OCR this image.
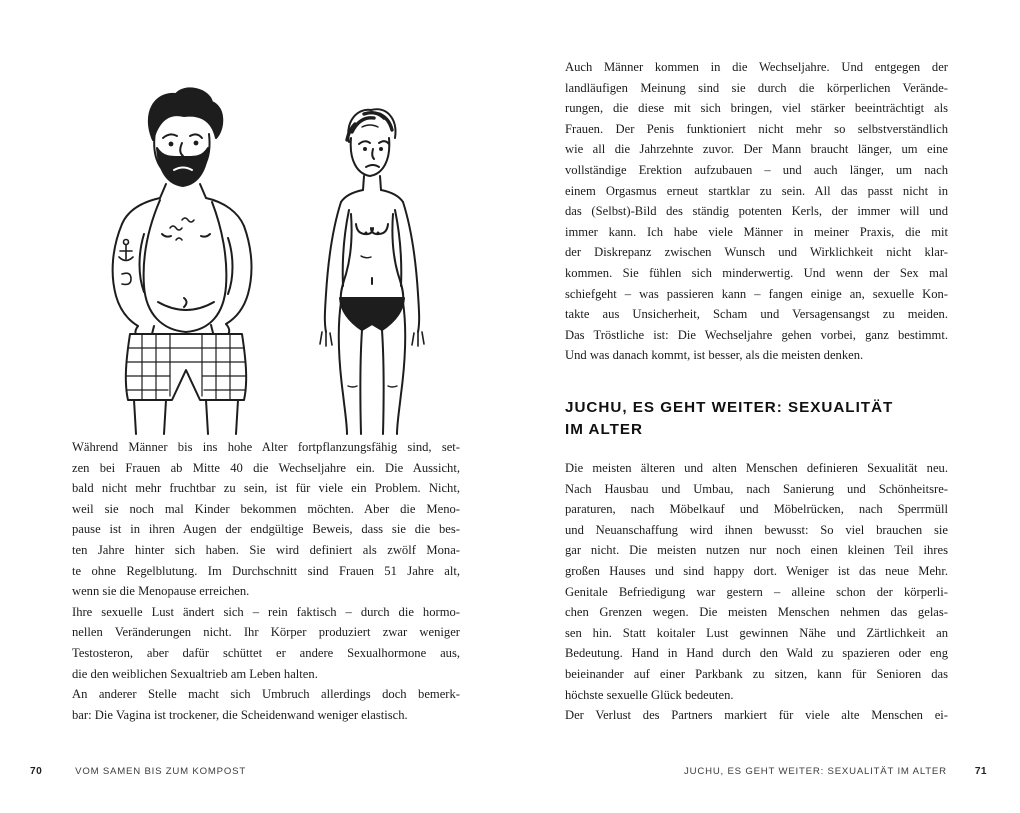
Während Männer bis ins hohe Alter fortpflanzungsfähig sind, set-
zen bei Frauen ab Mitte 40 die Wechseljahre ein. Die Aussicht,
bald nicht mehr fruchtbar zu sein, ist für viele ein Problem. Nicht,
weil sie noch mal Kinder bekommen möchten. Aber die Meno-
pause ist in ihren Augen der endgültige Beweis, dass sie die bes-
ten Jahre hinter sich haben. Sie wird definiert als zwölf Mona-
te ohne Regelblutung. Im Durchschnitt sind Frauen 51 Jahre alt,
wenn sie die Menopause erreichen.
Ihre sexuelle Lust ändert sich – rein faktisch – durch die hormo-
nellen Veränderungen nicht. Ihr Körper produziert zwar weniger
Testosteron, aber dafür schüttet er andere Sexualhormone aus,
die den weiblichen Sexualtrieb am Leben halten.
An anderer Stelle macht sich Umbruch allerdings doch bemerk-
bar: Die Vagina ist trockener, die Scheidenwand weniger elastisch.
70	VOM SAMEN BIS ZUM KOMPOST
Auch Männer kommen in die Wechseljahre. Und entgegen der
landläufigen Meinung sind sie durch die körperlichen Verände-
rungen, die diese mit sich bringen, viel stärker beeinträchtigt als
Frauen. Der Penis funktioniert nicht mehr so selbstverständlich
wie all die Jahrzehnte zuvor. Der Mann braucht länger, um eine
vollständige Erektion aufzubauen – und auch länger, um nach
einem Orgasmus erneut startklar zu sein. All das passt nicht in
das (Selbst)-Bild des ständig potenten Kerls, der immer will und
immer kann. Ich habe viele Männer in meiner Praxis, die mit
der Diskrepanz zwischen Wunsch und Wirklichkeit nicht klar-
kommen. Sie fühlen sich minderwertig. Und wenn der Sex mal
schiefgeht – was passieren kann – fangen einige an, sexuelle Kon-
takte aus Unsicherheit, Scham und Versagensangst zu meiden.
Das Tröstliche ist: Die Wechseljahre gehen vorbei, ganz bestimmt.
Und was danach kommt, ist besser, als die meisten denken.
JUCHU, ES GEHT WEITER: SEXUALITÄT
IM ALTER
Die meisten älteren und alten Menschen definieren Sexualität neu.
Nach Hausbau und Umbau, nach Sanierung und Schönheitsre-
paraturen, nach Möbelkauf und Möbelrücken, nach Sperrmüll
und Neuanschaffung wird ihnen bewusst: So viel brauchen sie
gar nicht. Die meisten nutzen nur noch einen kleinen Teil ihres
großen Hauses und sind happy dort. Weniger ist das neue Mehr.
Genitale Befriedigung war gestern – alleine schon der körperli-
chen Grenzen wegen. Die meisten Menschen nehmen das gelas-
sen hin. Statt koitaler Lust gewinnen Nähe und Zärtlichkeit an
Bedeutung. Hand in Hand durch den Wald zu spazieren oder eng
beieinander auf einer Parkbank zu sitzen, kann für Senioren das
höchste sexuelle Glück bedeuten.
Der Verlust des Partners markiert für viele alte Menschen ei-
JUCHU, ES GEHT WEITER: SEXUALITÄT IM ALTER	71
